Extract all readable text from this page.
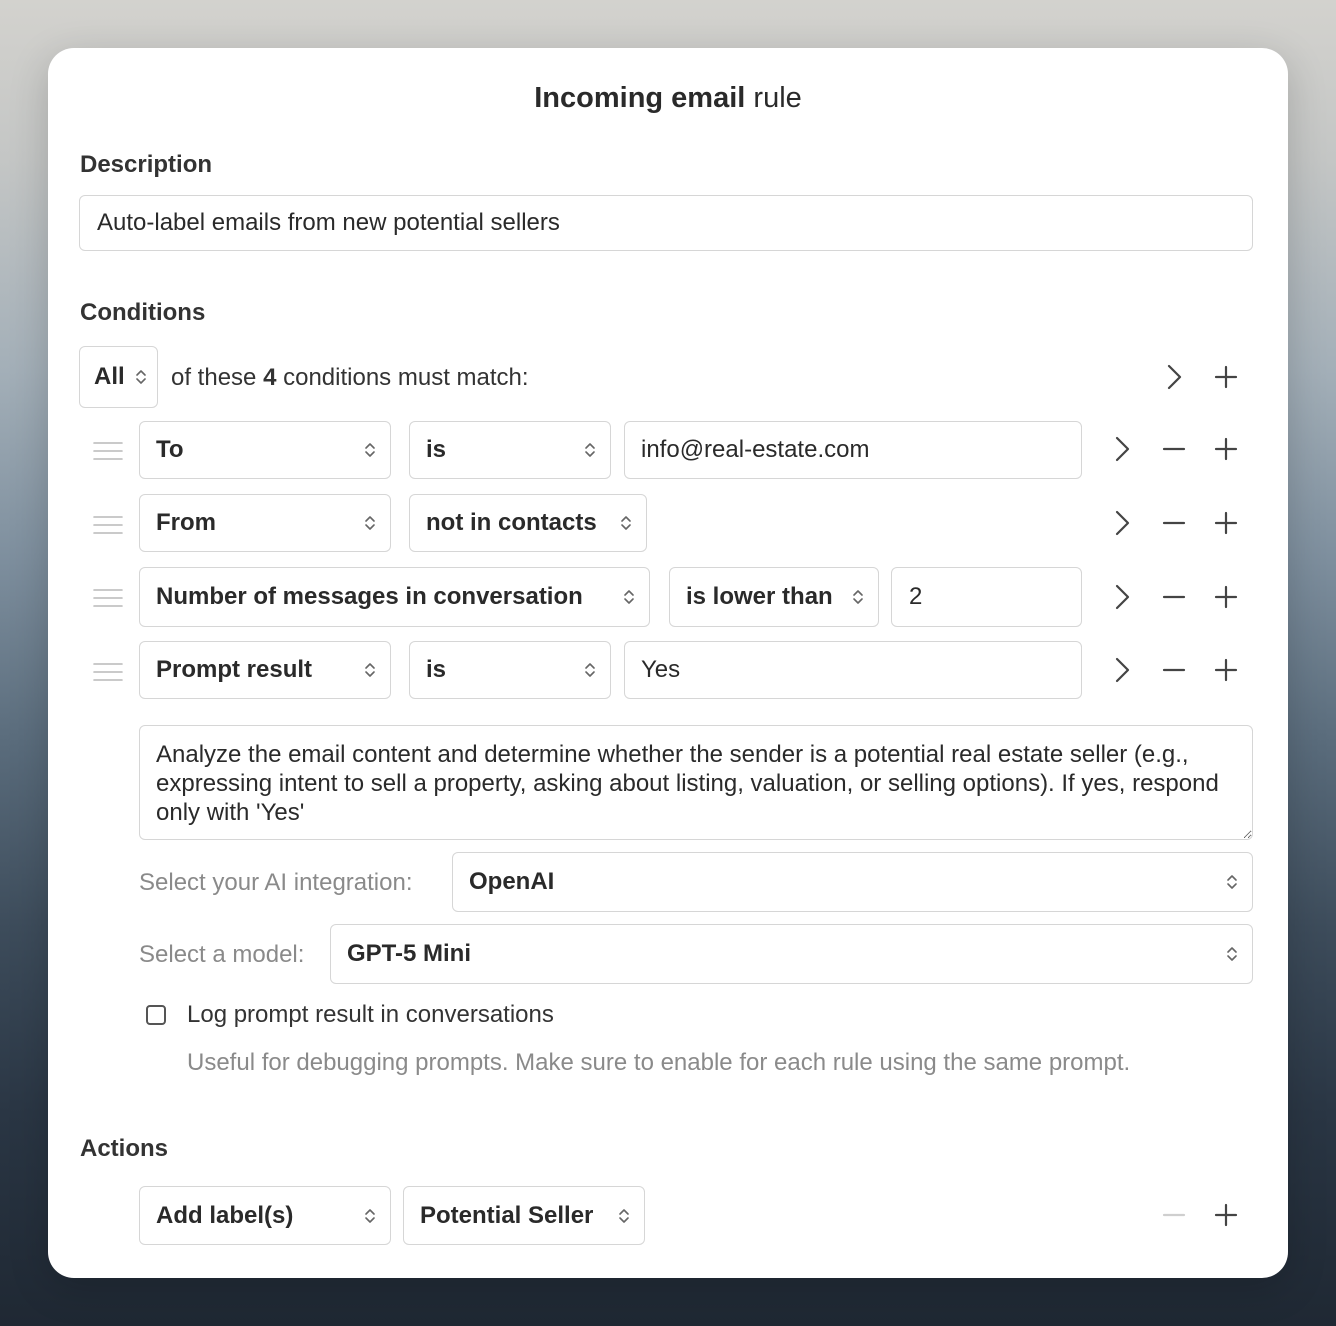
Incoming email rule
Description
Auto-label emails from new potential sellers
Conditions
All of these 4 conditions must match:
To	is	info@real-estate.com
From	not in contacts
Number of messages in conversation	is lower than	2
Prompt result	is	Yes
Analyze the email content and determine whether the sender is a potential real estate seller (e.g., expressing intent to sell a property, asking about listing, valuation, or selling options). If yes, respond only with 'Yes'
Select your AI integration: OpenAI
Select a model: GPT-5 Mini
Log prompt result in conversations
Useful for debugging prompts. Make sure to enable for each rule using the same prompt.
Actions
Add label(s)	Potential Seller
